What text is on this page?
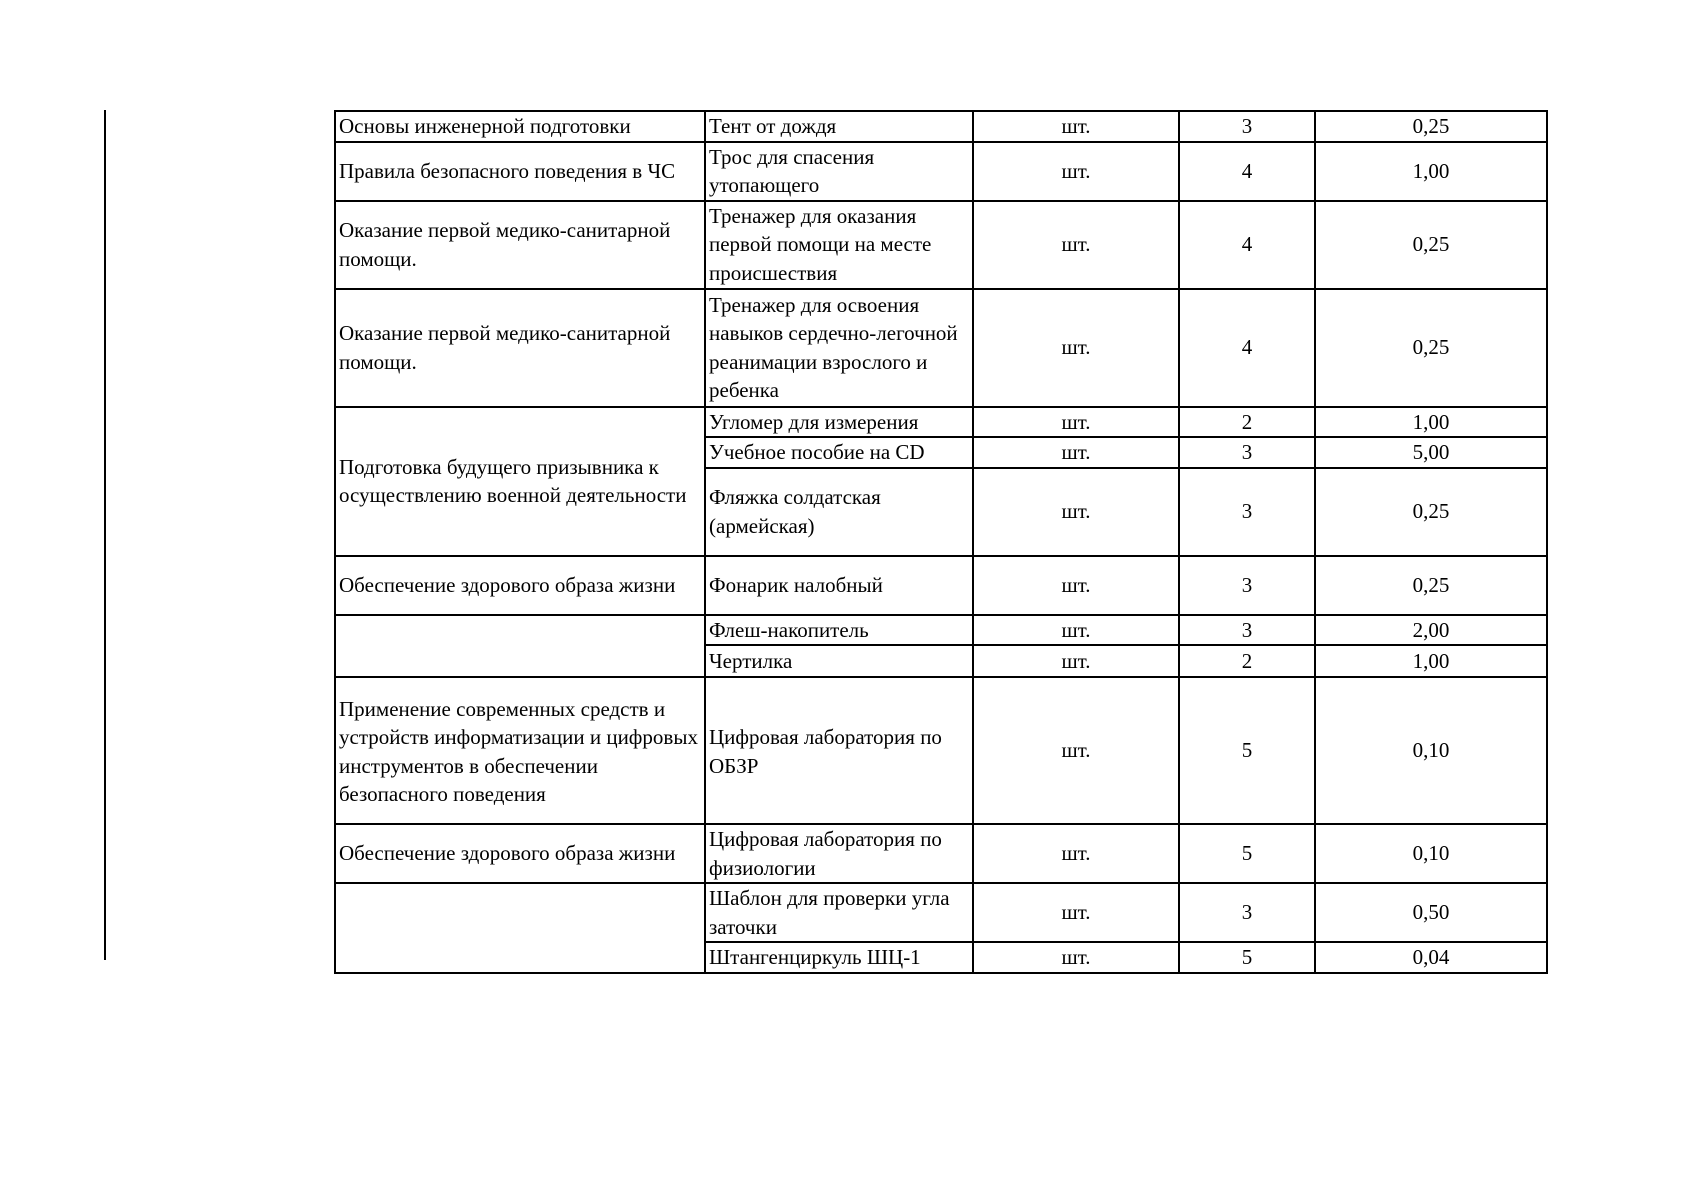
Основы инженерной подготовки	Тент от дождя	шт.	3	0,25
Правила безопасного поведения в ЧС	Трос для спасения утопающего	шт.	4	1,00
Оказание первой медико-санитарной помощи.	Тренажер для оказания первой помощи на месте происшествия	шт.	4	0,25
Оказание первой медико-санитарной помощи.	Тренажер для освоения навыков сердечно-легочной реанимации взрослого и ребенка	шт.	4	0,25
Подготовка будущего призывника к осуществлению военной деятельности	Угломер для измерения	шт.	2	1,00
	Учебное пособие на CD	шт.	3	5,00
	Фляжка солдатская (армейская)	шт.	3	0,25
Обеспечение здорового образа жизни	Фонарик налобный	шт.	3	0,25
	Флеш-накопитель	шт.	3	2,00
	Чертилка	шт.	2	1,00
Применение современных средств и устройств информатизации и цифровых инструментов в обеспечении безопасного поведения	Цифровая лаборатория по ОБЗР	шт.	5	0,10
Обеспечение здорового образа жизни	Цифровая лаборатория по физиологии	шт.	5	0,10
	Шаблон для проверки угла заточки	шт.	3	0,50
	Штангенциркуль ШЦ-1	шт.	5	0,04
